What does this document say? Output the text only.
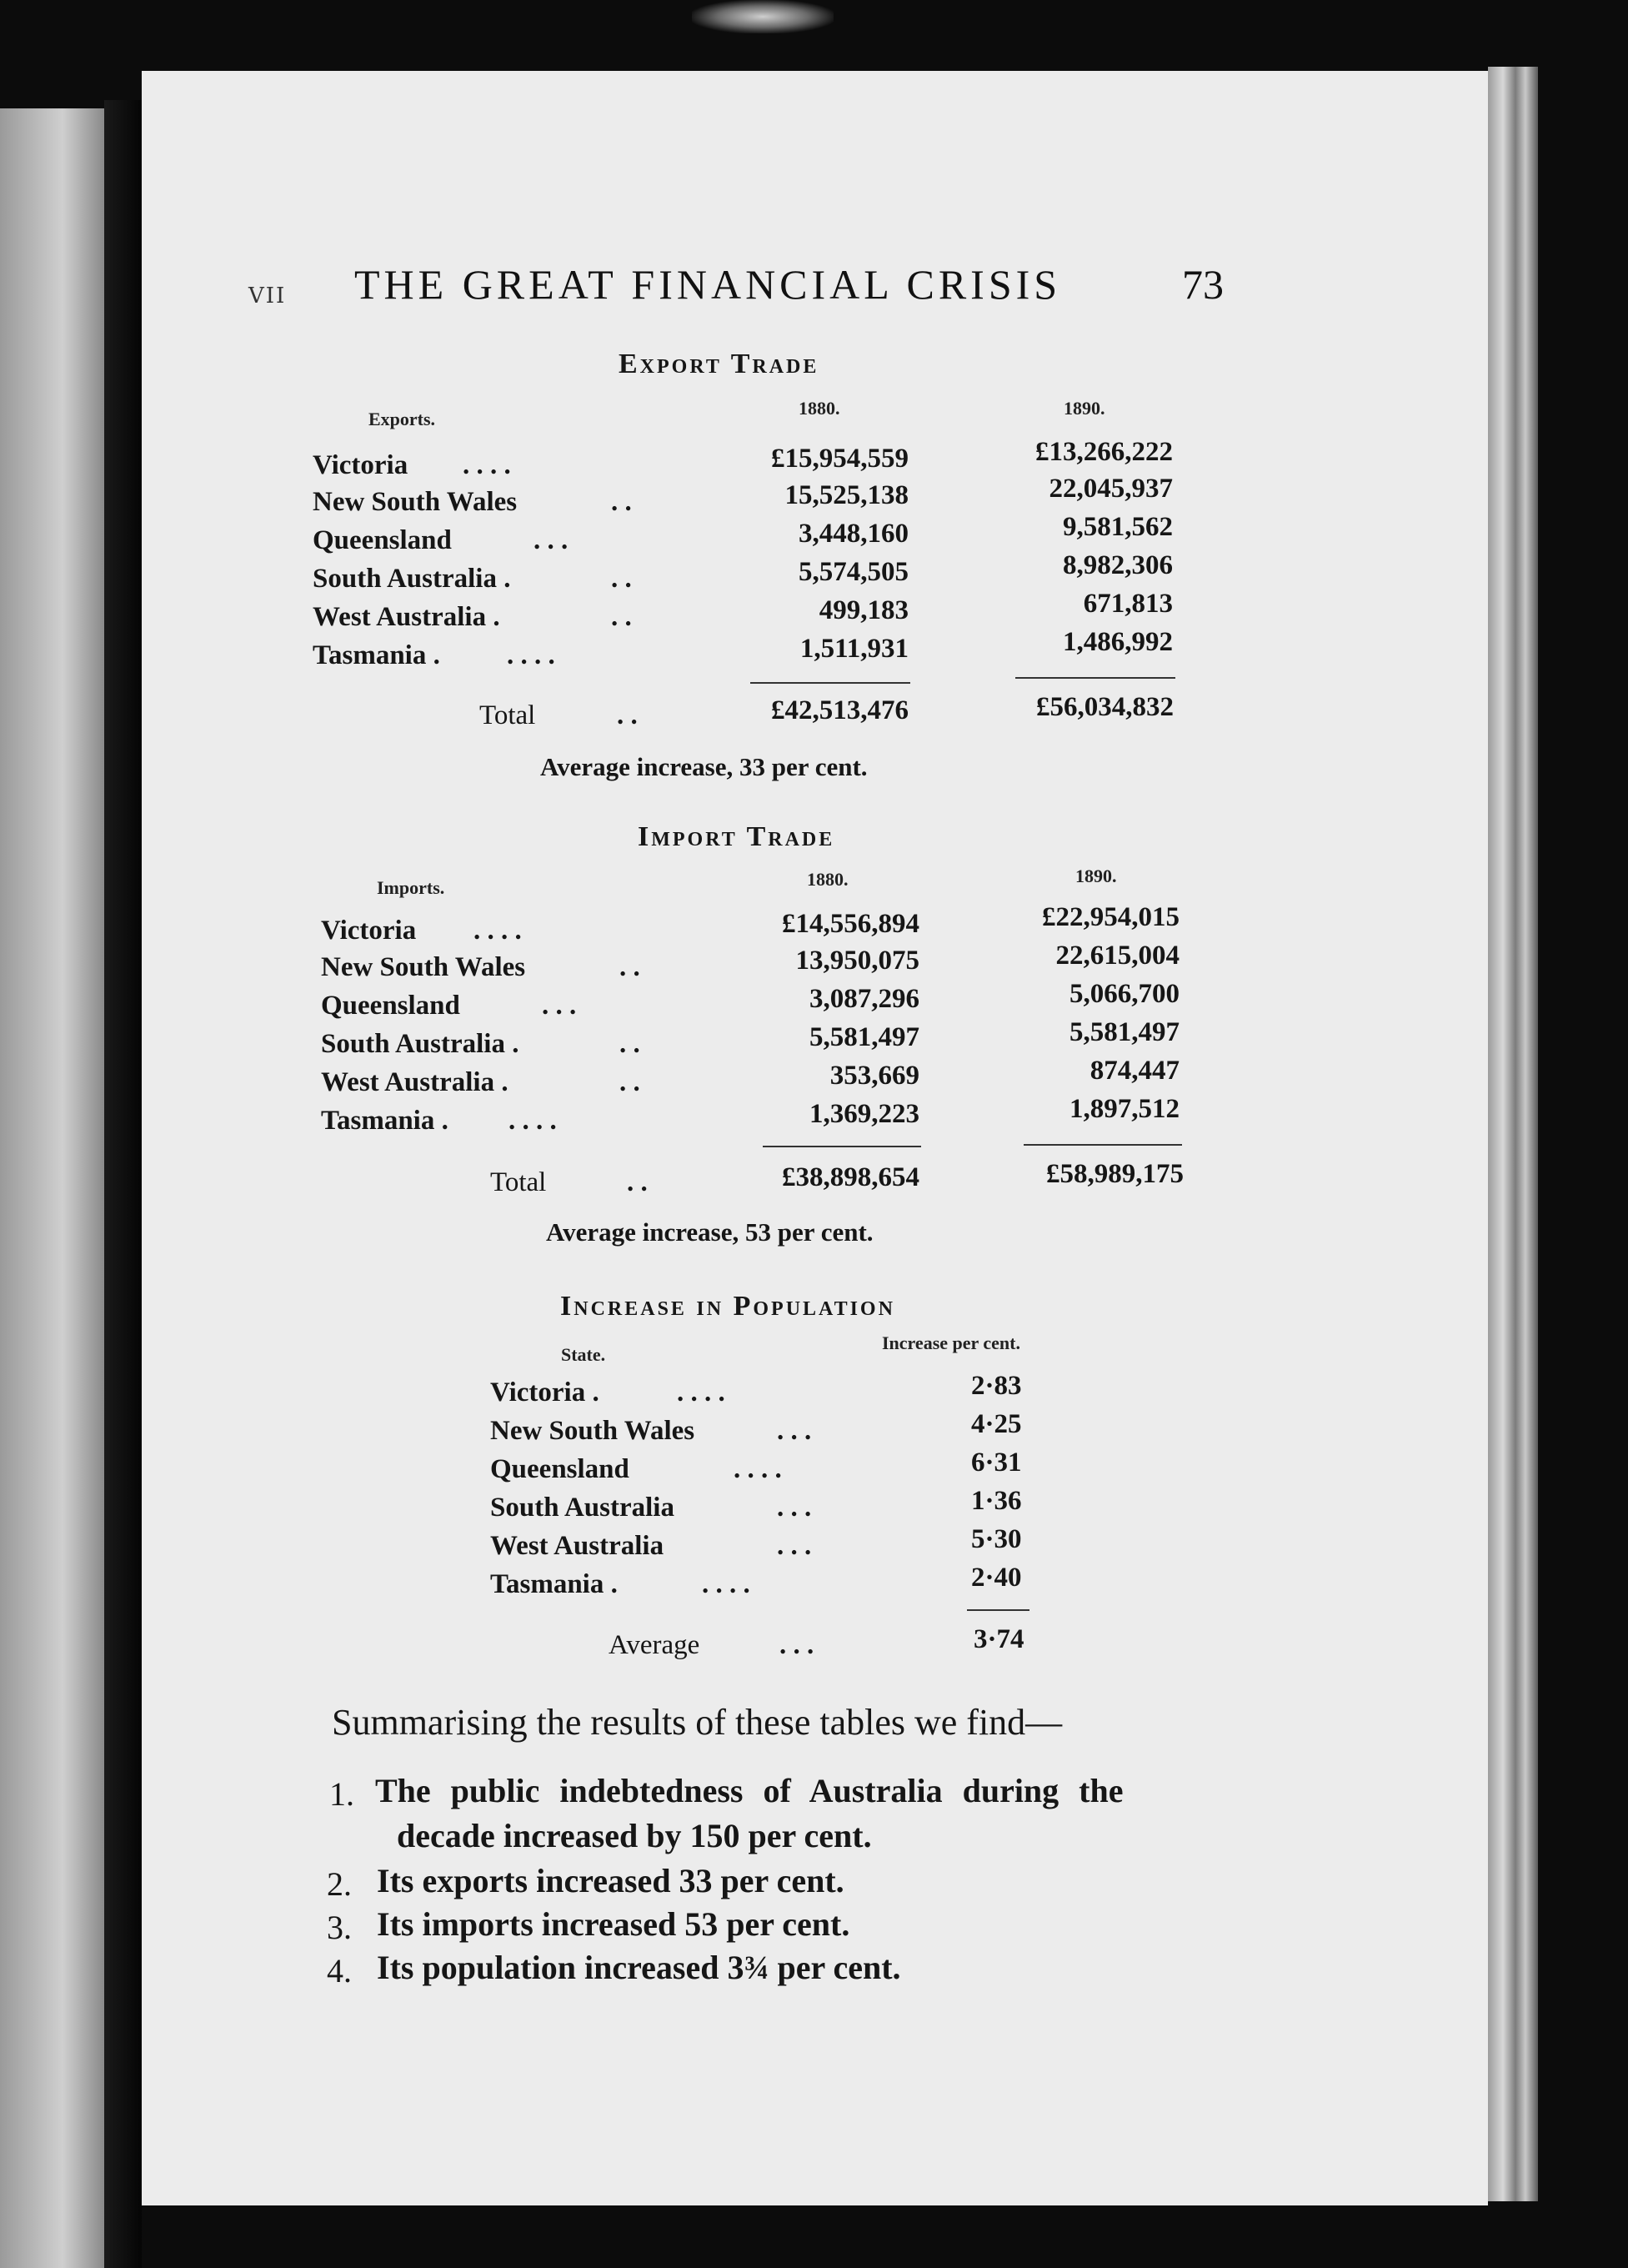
VII THE GREAT FINANCIAL CRISIS	73
Export Trade
Exports.
1880.	1890.
Victoria . . . .	£15,954,559	£13,266,222
New South Wales	. .	15,525,138	22,045,937
Queensland	. . .	3,448,160	9,581,562
South Australia .	. .	5,574,505	8,982,306
West Australia .	. .	499,183	671,813
Tasmania . . . . .	1,511,931	1,486,992
Total	. .	£42,513,476	£56,034,832
Average increase, 33 per cent.
Import Trade
Imports.	1880.	1890.
Victoria . . . .	£14,556,894	£22,954,015
New South Wales	. .	13,950,075	22,615,004
Queensland	. . .	3,087,296	5,066,700
South Australia .	. .	5,581,497	5,581,497
West Australia .	. .	353,669	874,447
Tasmania . . . . .	1,369,223	1,897,512
Total	. .	£38,898,654	£58,989,175
Average increase, 53 per cent.
Increase in Population
State.
Increase per cent.
Victoria .	. . . .	2·83
New South Wales	. . .	4·25
Queensland	. . . .	6·31
South Australia	. . .	1·36
West Australia	. . .	5·30
Tasmania .	. . . .	2·40
Average	. . .	3·74
Summarising the results of these tables we find—
1. The public indebtedness of Australia during the
decade increased by 150 per cent.
2. Its exports increased 33 per cent.
3. Its imports increased 53 per cent.
4. Its population increased 3¾ per cent.
